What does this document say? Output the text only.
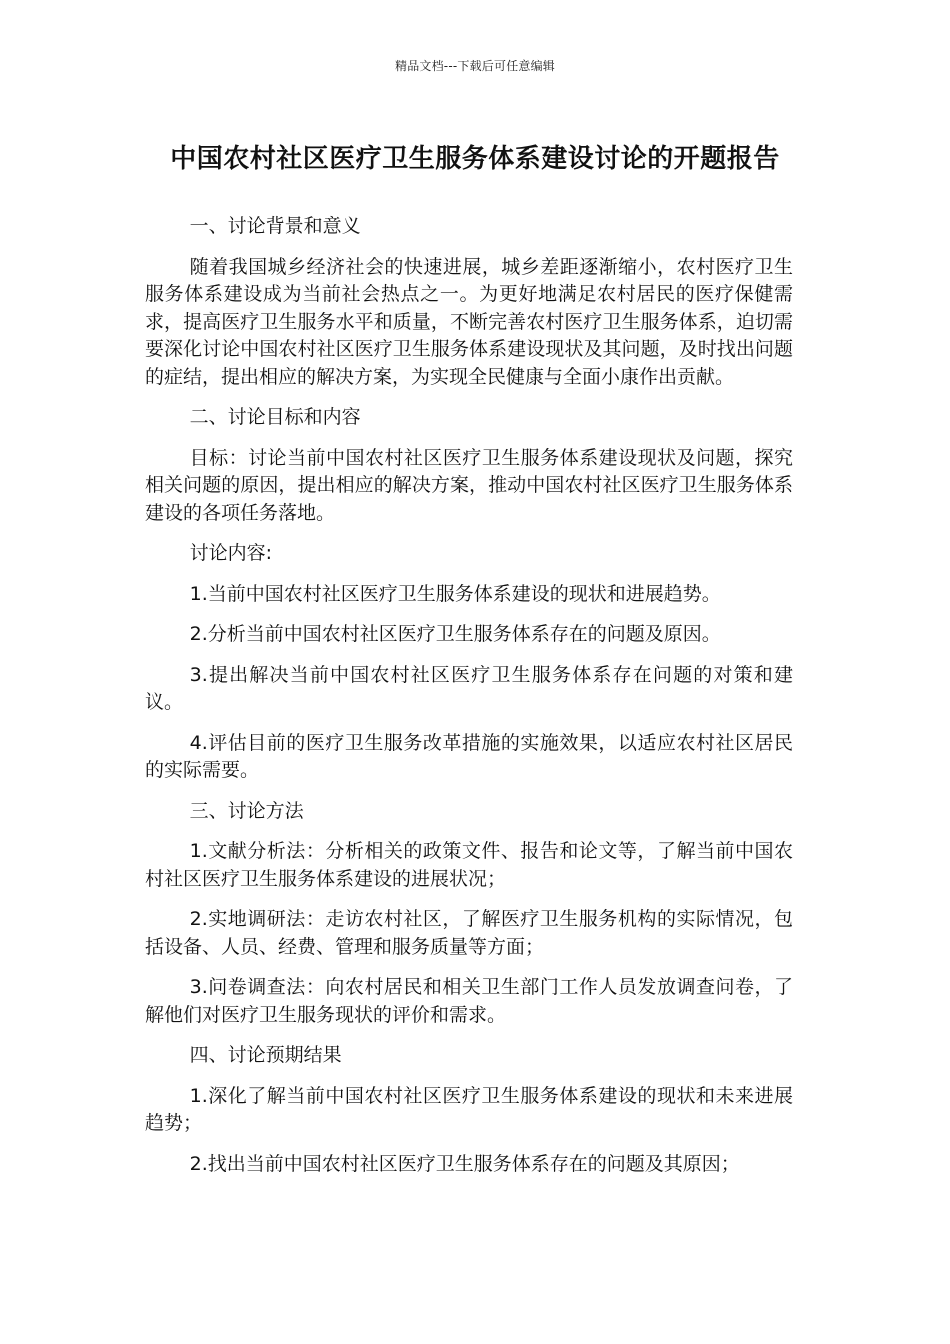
精品文档---下载后可任意编辑
中国农村社区医疗卫生服务体系建设讨论的开题报告

一、讨论背景和意义

随着我国城乡经济社会的快速进展，城乡差距逐渐缩小，农村医疗卫生服务体系建设成为当前社会热点之一。为更好地满足农村居民的医疗保健需求，提高医疗卫生服务水平和质量，不断完善农村医疗卫生服务体系，迫切需要深化讨论中国农村社区医疗卫生服务体系建设现状及其问题，及时找出问题的症结，提出相应的解决方案，为实现全民健康与全面小康作出贡献。

二、讨论目标和内容

目标：讨论当前中国农村社区医疗卫生服务体系建设现状及问题，探究相关问题的原因，提出相应的解决方案，推动中国农村社区医疗卫生服务体系建设的各项任务落地。

讨论内容:

1.当前中国农村社区医疗卫生服务体系建设的现状和进展趋势。

2.分析当前中国农村社区医疗卫生服务体系存在的问题及原因。

3.提出解决当前中国农村社区医疗卫生服务体系存在问题的对策和建议。

4.评估目前的医疗卫生服务改革措施的实施效果，以适应农村社区居民的实际需要。

三、讨论方法

1.文献分析法：分析相关的政策文件、报告和论文等，了解当前中国农村社区医疗卫生服务体系建设的进展状况；

2.实地调研法：走访农村社区，了解医疗卫生服务机构的实际情况，包括设备、人员、经费、管理和服务质量等方面；

3.问卷调查法：向农村居民和相关卫生部门工作人员发放调查问卷，了解他们对医疗卫生服务现状的评价和需求。

四、讨论预期结果

1.深化了解当前中国农村社区医疗卫生服务体系建设的现状和未来进展趋势；

2.找出当前中国农村社区医疗卫生服务体系存在的问题及其原因；
